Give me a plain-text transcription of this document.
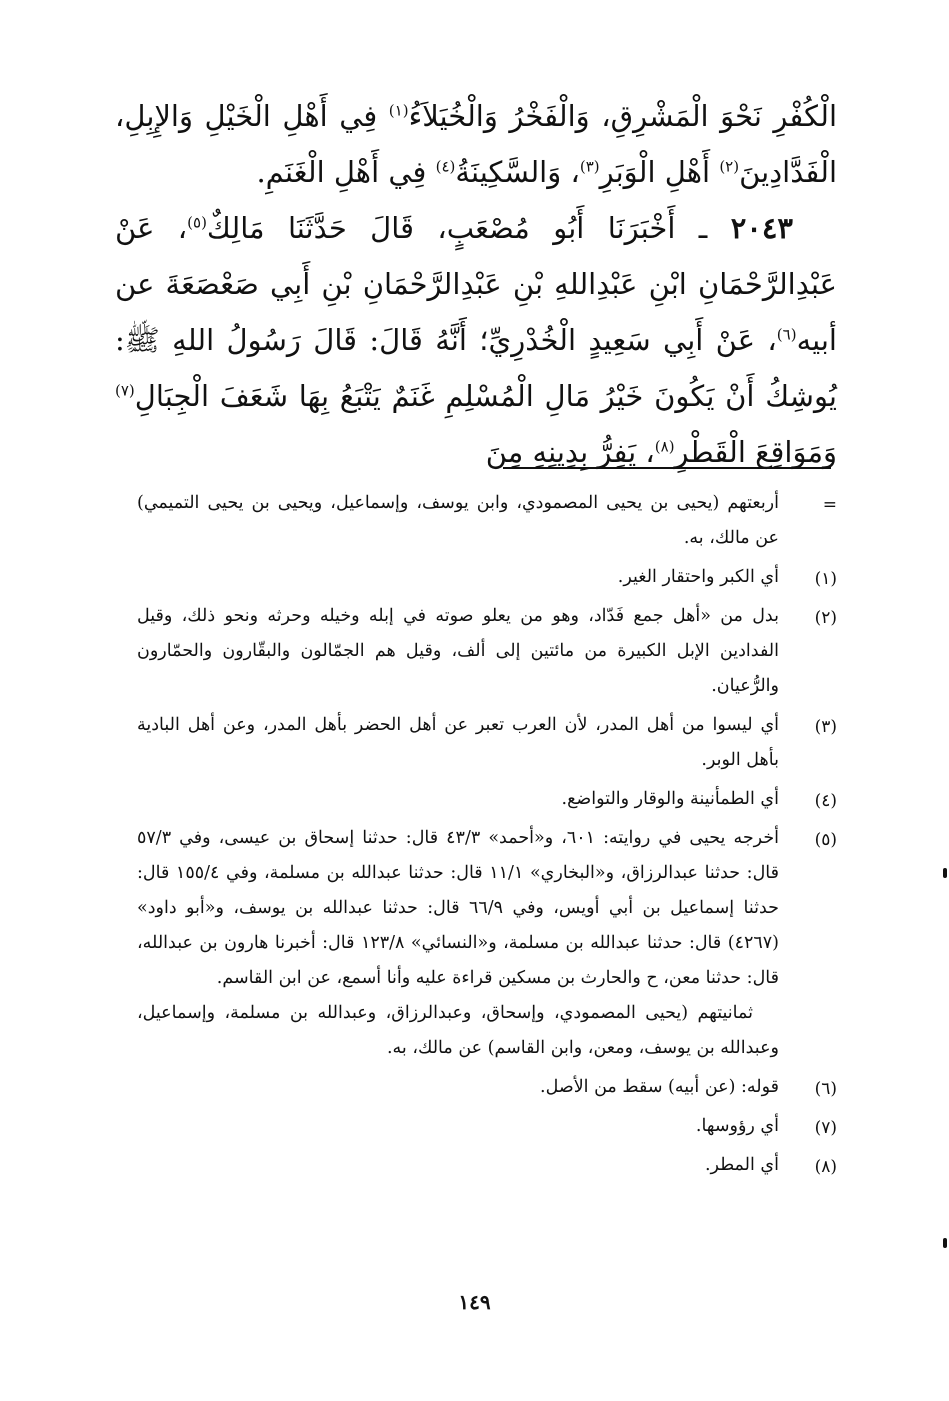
الْكُفْرِ نَحْوَ الْمَشْرِقِ، وَالْفَخْرُ وَالْخُيَلاَءُ$^{(١)}$ فِي أَهْلِ الْخَيْلِ وَالإِبِلِ، الْفَدَّادِينَ$^{(٢)}$ أَهْلِ الْوَبَرِ$^{(٣)}$، وَالسَّكِينَةُ$^{(٤)}$ فِي أَهْلِ الْغَنَمِ.

٢٠٤٣ ـ أَخْبَرَنَا أَبُو مُصْعَبٍ، قَالَ حَدَّثَنَا مَالِكٌ$^{(٥)}$، عَنْ عَبْدِالرَّحْمَانِ ابْنِ عَبْدِاللهِ بْنِ عَبْدِالرَّحْمَانِ بْنِ أَبِي صَعْصَعَةَ عن أبيه$^{(٦)}$، عَنْ أَبِي سَعِيدٍ الْخُدْرِيِّ؛ أَنَّهُ قَالَ: قَالَ رَسُولُ اللهِ ﷺ: يُوشِكُ أَنْ يَكُونَ خَيْرُ مَالِ الْمُسْلِمِ غَنَمٌ يَتْبَعُ بِهَا شَعَفَ الْجِبَالِ$^{(٧)}$ وَمَوَاقِعَ الْقَطْرِ$^{(٨)}$، يَفِرُّ بِدِينِهِ مِنَ

=
أربعتهم (يحيى بن يحيى المصمودي، وابن يوسف، وإسماعيل، ويحيى بن يحيى التميمي) عن مالك، به.
(١)
أي الكبر واحتقار الغير.
(٢)
بدل من «أهل جمع فَدّاد، وهو من يعلو صوته في إبله وخيله وحرثه ونحو ذلك، وقيل الفدادين الإبل الكبيرة من مائتين إلى ألف، وقيل هم الجمّالون والبقّارون والحمّارون والرُّعيان.
(٣)
أي ليسوا من أهل المدر، لأن العرب تعبر عن أهل الحضر بأهل المدر، وعن أهل البادية بأهل الوبر.
(٤)
أي الطمأنينة والوقار والتواضع.
(٥)
أخرجه يحيى في روايته: ٦٠١، و«أحمد» ٤٣/٣ قال: حدثنا إسحاق بن عيسى، وفي ٥٧/٣ قال: حدثنا عبدالرزاق، و«البخاري» ١١/١ قال: حدثنا عبدالله بن مسلمة، وفي ١٥٥/٤ قال: حدثنا إسماعيل بن أبي أويس، وفي ٦٦/٩ قال: حدثنا عبدالله بن يوسف، و«أبو داود» (٤٢٦٧) قال: حدثنا عبدالله بن مسلمة، و«النسائي» ١٢٣/٨ قال: أخبرنا هارون بن عبدالله، قال: حدثنا معن، ح والحارث بن مسكين قراءة عليه وأنا أسمع، عن ابن القاسم.
ثمانيتهم (يحيى المصمودي، وإسحاق، وعبدالرزاق، وعبدالله بن مسلمة، وإسماعيل، وعبدالله بن يوسف، ومعن، وابن القاسم) عن مالك، به.
(٦)
قوله: (عن أبيه) سقط من الأصل.
(٧)
أي رؤوسها.
(٨)
أي المطر.
١٤٩
